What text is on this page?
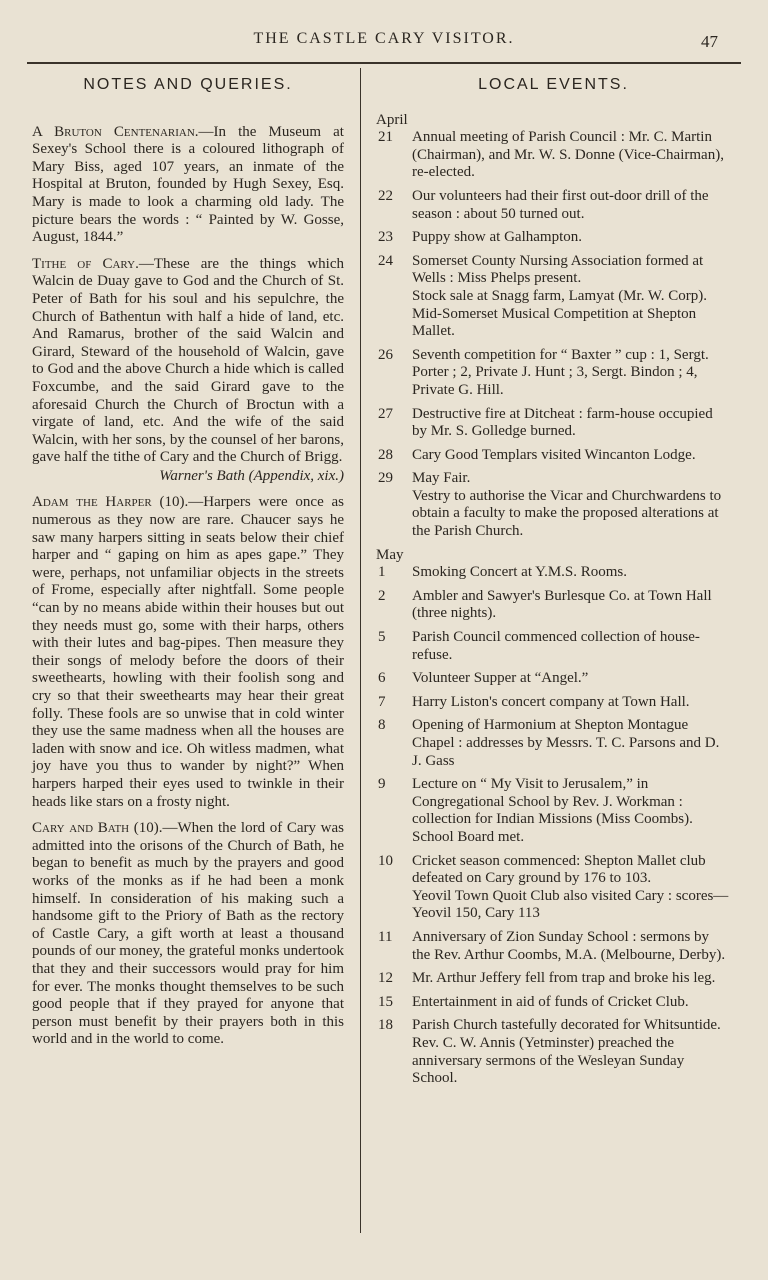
THE CASTLE CARY VISITOR.	47
NOTES AND QUERIES.

A Bruton Centenarian.—In the Museum at Sexey's School there is a coloured lithograph of Mary Biss, aged 107 years, an inmate of the Hospital at Bruton, founded by Hugh Sexey, Esq. Mary is made to look a charming old lady. The picture bears the words : “ Painted by W. Gosse, August, 1844.”

Tithe of Cary.—These are the things which Walcin de Duay gave to God and the Church of St. Peter of Bath for his soul and his sepulchre, the Church of Bathentun with half a hide of land, etc. And Ramarus, brother of the said Walcin and Girard, Steward of the household of Walcin, gave to God and the above Church a hide which is called Foxcumbe, and the said Girard gave to the aforesaid Church the Church of Broctun with a virgate of land, etc. And the wife of the said Walcin, with her sons, by the counsel of her barons, gave half the tithe of Cary and the Church of Brigg.

Warner's Bath (Appendix, xix.)

Adam the Harper (10).—Harpers were once as numerous as they now are rare. Chaucer says he saw many harpers sitting in seats below their chief harper and “ gaping on him as apes gape.” They were, perhaps, not unfamiliar objects in the streets of Frome, especially after nightfall. Some people “can by no means abide within their houses but out they needs must go, some with their harps, others with their lutes and bag-pipes. Then measure they their songs of melody before the doors of their sweethearts, howling with their foolish song and cry so that their sweethearts may hear their great folly. These fools are so unwise that in cold winter they use the same madness when all the houses are laden with snow and ice. Oh witless madmen, what joy have you thus to wander by night?” When harpers harped their eyes used to twinkle in their heads like stars on a frosty night.

Cary and Bath (10).—When the lord of Cary was admitted into the orisons of the Church of Bath, he began to benefit as much by the prayers and good works of the monks as if he had been a monk himself. In consideration of his making such a handsome gift to the Priory of Bath as the rectory of Castle Cary, a gift worth at least a thousand pounds of our money, the grateful monks undertook that they and their successors would pray for him for ever. The monks thought themselves to be such good people that if they prayed for anyone that person must benefit by their prayers both in this world and in the world to come.

LOCAL EVENTS.

April

21	Annual meeting of Parish Council : Mr. C. Martin (Chairman), and Mr. W. S. Donne (Vice-Chairman), re-elected.

22	Our volunteers had their first out-door drill of the season : about 50 turned out.

23	Puppy show at Galhampton.

24	Somerset County Nursing Association formed at Wells : Miss Phelps present.

Stock sale at Snagg farm, Lamyat (Mr. W. Corp).

Mid-Somerset Musical Competition at Shepton Mallet.

26	Seventh competition for “ Baxter ” cup : 1, Sergt. Porter ; 2, Private J. Hunt ; 3, Sergt. Bindon ; 4, Private G. Hill.

27	Destructive fire at Ditcheat : farm-house occupied by Mr. S. Golledge burned.

28	Cary Good Templars visited Wincanton Lodge.

29	May Fair.

Vestry to authorise the Vicar and Churchwardens to obtain a faculty to make the proposed alterations at the Parish Church.

May

1	Smoking Concert at Y.M.S. Rooms.

2	Ambler and Sawyer's Burlesque Co. at Town Hall (three nights).

5	Parish Council commenced collection of house-refuse.

6	Volunteer Supper at “Angel.”

7	Harry Liston's concert company at Town Hall.

8	Opening of Harmonium at Shepton Montague Chapel : addresses by Messrs. T. C. Parsons and D. J. Gass

9	Lecture on “ My Visit to Jerusalem,” in Congregational School by Rev. J. Workman : collection for Indian Missions (Miss Coombs).

School Board met.

10	Cricket season commenced: Shepton Mallet club defeated on Cary ground by 176 to 103.

Yeovil Town Quoit Club also visited Cary : scores—Yeovil 150, Cary 113

11	Anniversary of Zion Sunday School : sermons by the Rev. Arthur Coombs, M.A. (Melbourne, Derby).

12	Mr. Arthur Jeffery fell from trap and broke his leg.

15	Entertainment in aid of funds of Cricket Club.

18	Parish Church tastefully decorated for Whitsuntide.

Rev. C. W. Annis (Yetminster) preached the anniversary sermons of the Wesleyan Sunday School.
